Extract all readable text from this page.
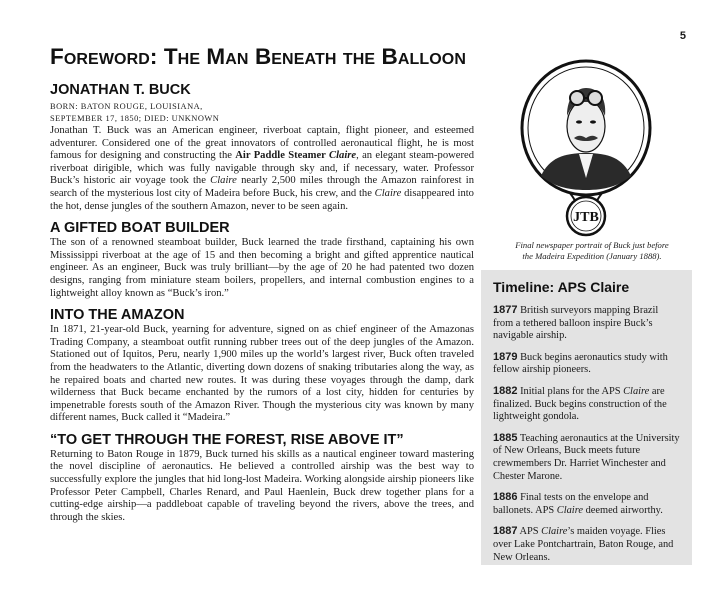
5
Foreword: The Man Beneath the Balloon
JONATHAN T. BUCK
BORN: BATON ROUGE, LOUISIANA,
SEPTEMBER 17, 1850; DIED: UNKNOWN

Jonathan T. Buck was an American engineer, riverboat captain, flight pioneer, and esteemed adventurer. Considered one of the great innovators of controlled aeronautical flight, he is most famous for designing and constructing the Air Paddle Steamer Claire, an elegant steam-powered riverboat dirigible, which was fully navigable through sky and, if necessary, water. Professor Buck’s historic air voyage took the Claire nearly 2,500 miles through the Amazon rainforest in search of the mysterious lost city of Madeira before Buck, his crew, and the Claire disappeared into the hot, dense jungles of the southern Amazon, never to be seen again.

A GIFTED BOAT BUILDER

The son of a renowned steamboat builder, Buck learned the trade firsthand, captaining his own Mississippi riverboat at the age of 15 and then becoming a bright and gifted apprentice nautical engineer. As an engineer, Buck was truly brilliant—by the age of 20 he had patented two dozen designs, ranging from miniature steam boilers, propellers, and internal combustion engines to a lightweight alloy known as “Buck’s iron.”

INTO THE AMAZON

In 1871, 21-year-old Buck, yearning for adventure, signed on as chief engineer of the Amazonas Trading Company, a steamboat outfit running rubber trees out of the deep jungles of the Amazon. Stationed out of Iquitos, Peru, nearly 1,900 miles up the world’s largest river, Buck often traveled from the headwaters to the Atlantic, diverting down dozens of snaking tributaries along the way, as he repaired boats and charted new routes. It was during these voyages through the damp, dark wilderness that Buck became enchanted by the rumors of a lost city, hidden for centuries by impenetrable forests south of the Amazon River. Though the mysterious city was known by many different names, Buck called it “Madeira.”

“TO GET THROUGH THE FOREST, RISE ABOVE IT”

Returning to Baton Rouge in 1879, Buck turned his skills as a nautical engineer toward mastering the novel discipline of aeronautics. He believed a controlled airship was the best way to successfully explore the jungles that hid long-lost Madeira. Working alongside airship pioneers like Professor Peter Campbell, Charles Renard, and Paul Haenlein, Buck drew together plans for a cutting-edge airship—a paddleboat capable of traveling beyond the rivers, above the trees, and through the skies.

JTB
Final newspaper portrait of Buck just before
the Madeira Expedition (January 1888).
Timeline: APS Claire
1877 British surveyors mapping Brazil from a tethered balloon inspire Buck’s navigable airship.
1879 Buck begins aeronautics study with fellow airship pioneers.
1882 Initial plans for the APS Claire are finalized. Buck begins construction of the lightweight gondola.
1885 Teaching aeronautics at the University of New Orleans, Buck meets future crewmembers Dr. Harriet Winchester and Chester Marone.
1886 Final tests on the envelope and ballonets. APS Claire deemed airworthy.
1887 APS Claire’s maiden voyage. Flies over Lake Pontchartrain, Baton Rouge, and New Orleans.
